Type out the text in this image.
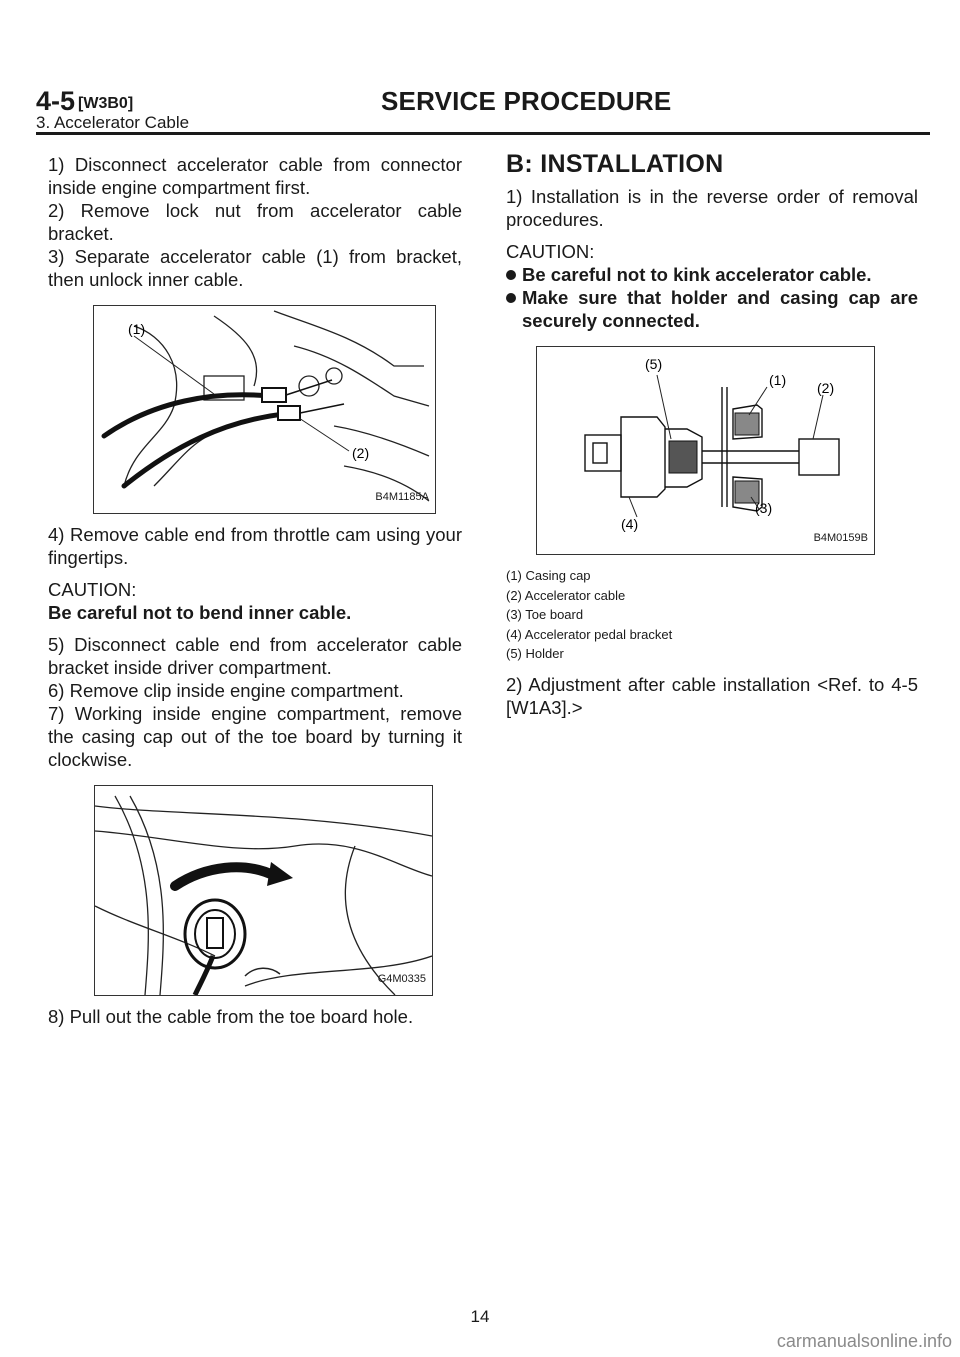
4-5 [W3B0]	SERVICE PROCEDURE
3. Accelerator Cable

1) Disconnect accelerator cable from connector inside engine compartment first.

2) Remove lock nut from accelerator cable bracket.

3) Separate accelerator cable (1) from bracket, then unlock inner cable.

(1)
(2)
B4M1185A

4) Remove cable end from throttle cam using your fingertips.

CAUTION:

Be careful not to bend inner cable.

5) Disconnect cable end from accelerator cable bracket inside driver compartment.

6) Remove clip inside engine compartment.

7) Working inside engine compartment, remove the casing cap out of the toe board by turning it clockwise.

G4M0335

8) Pull out the cable from the toe board hole.

B: INSTALLATION

1) Installation is in the reverse order of removal procedures.

CAUTION:

Be careful not to kink accelerator cable.

Make sure that holder and casing cap are securely connected.

(5)
(1) (2)
(3)
(4)
B4M0159B
(1) Casing cap
(2) Accelerator cable
(3) Toe board
(4) Accelerator pedal bracket
(5) Holder

2) Adjustment after cable installation <Ref. to 4-5 [W1A3].>

14
carmanualsonline.info
